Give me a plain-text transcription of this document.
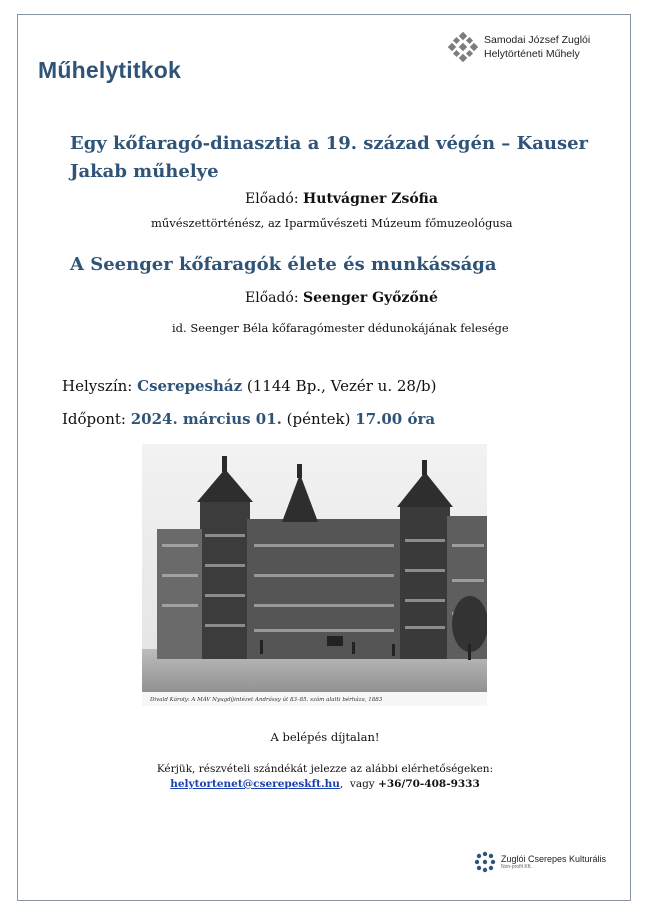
Műhelytitkok
Samodai József Zuglói
Helytörténeti Műhely
Egy kőfaragó-dinasztia a 19. század végén – Kauser
Jakab műhelye
Előadó: Hutvágner Zsófia
művészettörténész, az Iparművészeti Múzeum főmuzeológusa
A Seenger kőfaragók élete és munkássága
Előadó: Seenger Győzőné
id. Seenger Béla kőfaragómester dédunokájának felesége
Helyszín: Cserepesház (1144 Bp., Vezér u. 28/b)
Időpont: 2024. március 01. (péntek) 17.00 óra
Divald Károly: A MÁV Nyugdíjintézet Andrássy út 83–85. szám alatti bérháza, 1883
A belépés díjtalan!
Kérjük, részvételi szándékát jelezze az alábbi elérhetőségeken:
helytortenet@cserepeskft.hu,  vagy +36/70-408-9333
Zuglói Cserepes Kulturális
Non-profit Kft.
